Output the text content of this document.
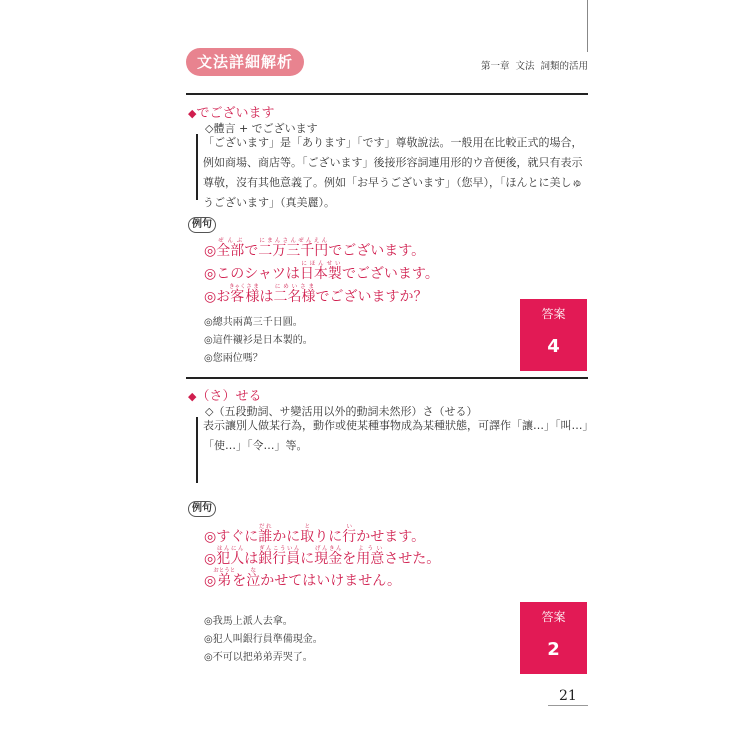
文法詳細解析	第一章 文法 詞類的活用
◆でございます
◇體言 + でございます
「ございます」是「あります」「です」尊敬說法。一般用在比較正式的場合，例如商場、商店等。「ございます」後接形容詞連用形的ウ音便後，就只有表示尊敬，沒有其他意義了。例如「お早うございます」（您早），「ほんとに美しゅうございます」（真美麗）。
例句
◎全部ぜんぶで二万三千円にまんさんぜんえんでございます。
◎このシャツは日本製にほんせいでございます。
◎お客きゃく様さまは二名様にめいさまでございますか？
◎總共兩萬三千日圓。
◎這件襯衫是日本製的。
◎您兩位嗎？
答案
4
◆（さ）せる
◇（五段動詞、サ變活用以外的動詞未然形）さ（せる）
表示讓別人做某行為，動作或使某種事物成為某種狀態，可譯作「讓…」「叫…」「使…」「令…」等。
例句
◎すぐに誰だれかに取とりに行いかせます。
◎犯人はんにんは銀行員ぎんこういんに現金げんきんを用意よういさせた。
◎弟おとうとを泣なかせてはいけません。
◎我馬上派人去拿。
◎犯人叫銀行員準備現金。
◎不可以把弟弟弄哭了。
答案
2
21
